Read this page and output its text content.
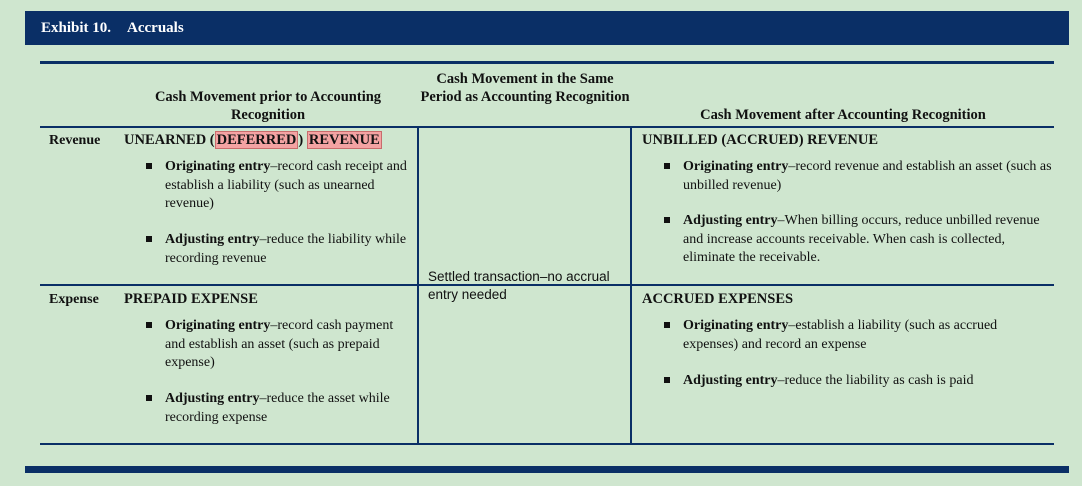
Exhibit 10. Accruals
Cash Movement prior to Accounting Recognition
Cash Movement in the Same Period as Accounting Recognition
Cash Movement after Accounting Recognition
Revenue UNEARNED ( DEFERRED ) REVENUE
Originating entry–record cash receipt and establish a liability (such as unearned revenue)
Adjusting entry–reduce the liability while recording revenue
UNBILLED (ACCRUED) REVENUE
Originating entry–record revenue and establish an asset (such as unbilled revenue)
Adjusting entry–When billing occurs, reduce unbilled revenue and increase accounts receivable. When cash is collected, eliminate the receivable.
Settled transaction–no accrual entry needed
Expense PREPAID EXPENSE
Originating entry–record cash payment and establish an asset (such as prepaid expense)
Adjusting entry–reduce the asset while recording expense
ACCRUED EXPENSES
Originating entry–establish a liability (such as accrued expenses) and record an expense
Adjusting entry–reduce the liability as cash is paid
